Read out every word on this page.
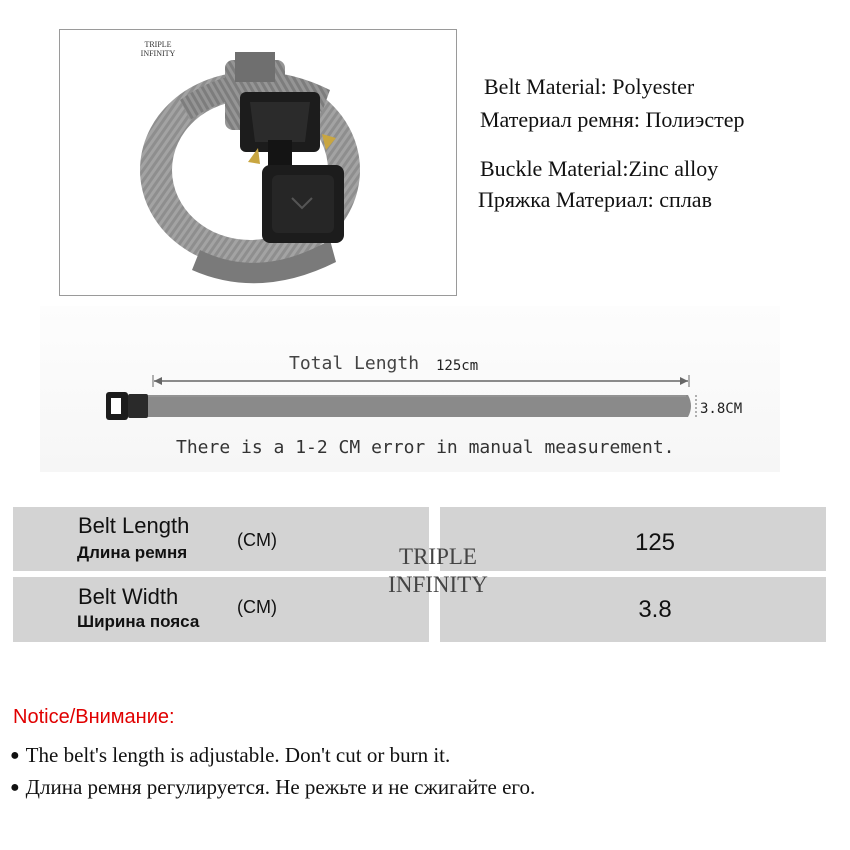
TRIPLE
INFINITY
Belt Material: Polyester
Материал ремня: Полиэстер
Buckle Material:Zinc alloy
Пряжка Материал: сплав
Total Length 125cm
3.8CM
There is a 1-2 CM error in manual measurement.
Belt Length
Длина ремня
(CM)	125
Belt Width
Ширина пояса
(CM)	3.8
TRIPLE
INFINITY
Notice/Внимание:
● The belt's length is adjustable. Don't cut or burn it.
● Длина ремня регулируется. Не режьте и не сжигайте его.
